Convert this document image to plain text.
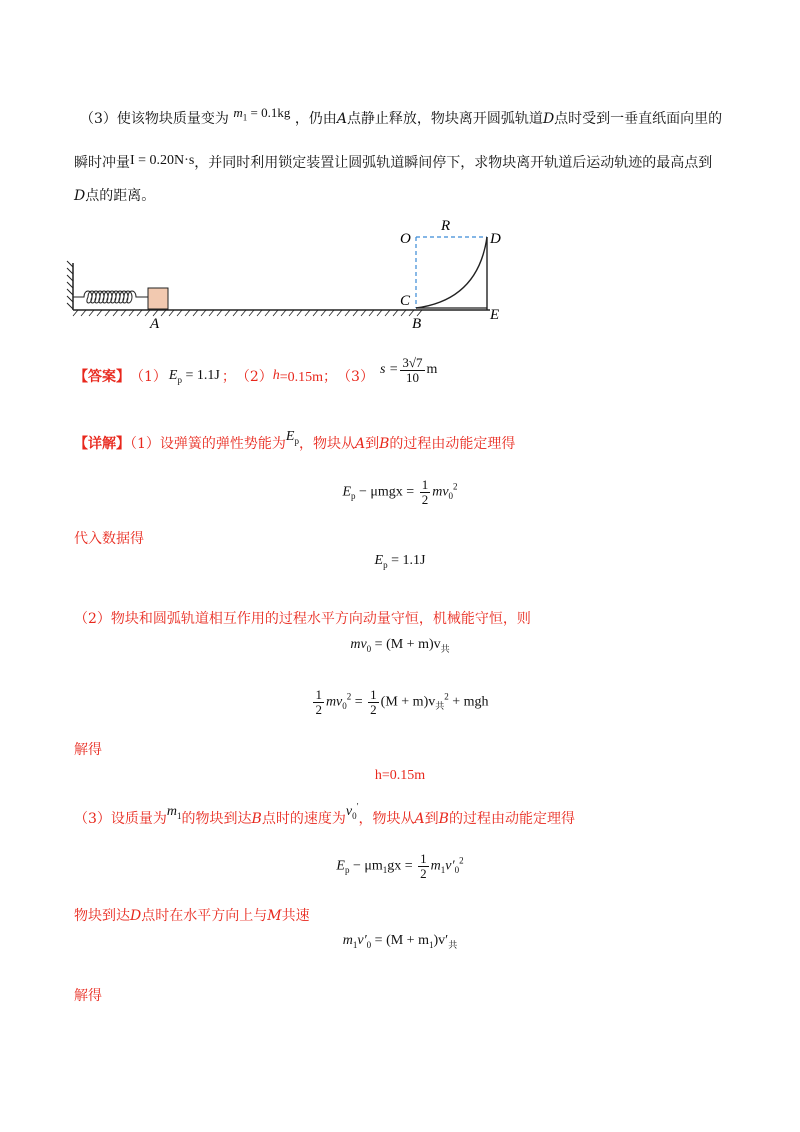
（3）使该物块质量变为 $m_1 = 0.1kg$ ，仍由A点静止释放，物块离开圆弧轨道D点时受到一垂直纸面向里的
瞬时冲量I = 0.20N·s，并同时利用锁定装置让圆弧轨道瞬间停下，求物块离开轨道后运动轨迹的最高点到
D点的距离。
O
R
D
C
B
E
A
【答案】 （1） $E_p = 1.1J$ ； （2） h =0.15m； （3） $s = \frac{3√7}{10}$ m
【详解】（1）设弹簧的弹性势能为$E_p$，物块从A到B的过程由动能定理得
$E_p - \mu mgx = \frac{1}{2} mv_0^2$
代入数据得
$E_p = 1.1J$
（2）物块和圆弧轨道相互作用的过程水平方向动量守恒，机械能守恒，则
$mv_0 = (M + m)v_共$
$\frac{1}{2} mv_0^2 = \frac{1}{2} (M + m)v_共^2$ + mgh
解得
h=0.15m
（3）设质量为$m_1$的物块到达B点时的速度为$v_0'$，物块从A到B的过程由动能定理得
$E_p - \mu m_1gx = \frac{1}{2} m_1v'_0^2$
物块到达D点时在水平方向上与M共速
$m_1v'_0 = (M + m_1)v'_共$
解得
